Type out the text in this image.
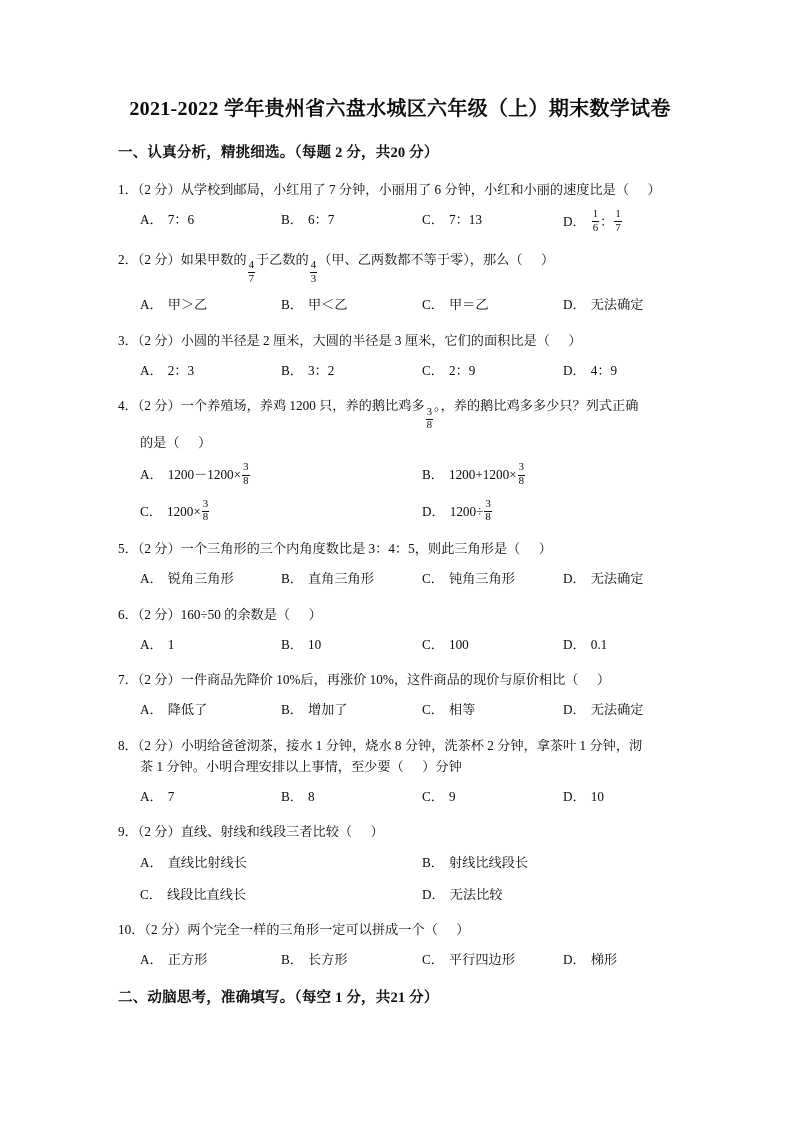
2021-2022 学年贵州省六盘水城区六年级（上）期末数学试卷
一、认真分析，精挑细选。（每题 2 分，共20 分）
1．（2 分）从学校到邮局，小红用了 7 分钟，小丽用了 6 分钟，小红和小丽的速度比是（ ）
A． 7：6	B． 6：7	C． 7：13	D． $\frac{1}{6}$ ： $\frac{1}{7}$
2．（2 分）如果甲数的
$\frac{4}{7}$
于乙数的
$\frac{4}{3}$
（甲、乙两数都不等于零），那么（ ）
A． 甲＞乙	B． 甲＜乙	C． 甲＝乙	D． 无法确定
3．（2 分）小圆的半径是 2 厘米，大圆的半径是 3 厘米，它们的面积比是（ ）
A． 2：3	B． 3：2	C． 2：9	D． 4：9
4．（2 分）一个养殖场，养鸡 1200 只，养的鹅比鸡多
$\frac{3}{8}$
。，养的鹅比鸡多多少只？列式正确
的是（ ）
A． $1200-1200\times \frac{3}{8}$	B． $1200+1200\times \frac{3}{8}$
C． $1200\times \frac{3}{8}$	D． $1200\div \frac{3}{8}$
5．（2 分）一个三角形的三个内角度数比是 3：4：5，则此三角形是（ ）
A． 锐角三角形	B． 直角三角形	C． 钝角三角形	D． 无法确定
6．（2 分）160÷50 的余数是（ ）
A． 1	B． 10	C． 100	D． 0.1
7．（2 分）一件商品先降价 10%后，再涨价 10%，这件商品的现价与原价相比（ ）
A． 降低了	B． 增加了	C． 相等	D． 无法确定
8．（2 分）小明给爸爸沏茶，接水 1 分钟，烧水 8 分钟，洗茶杯 2 分钟，拿茶叶 1 分钟，沏
茶 1 分钟。小明合理安排以上事情，至少要（ ）分钟
A． 7	B． 8	C． 9	D． 10
9．（2 分）直线、射线和线段三者比较（ ）
A． 直线比射线长	B． 射线比线段长
C． 线段比直线长	D． 无法比较
10．（2 分）两个完全一样的三角形一定可以拼成一个（ ）
A． 正方形	B． 长方形	C． 平行四边形	D． 梯形
二、动脑思考，准确填写。（每空 1 分，共21 分）
